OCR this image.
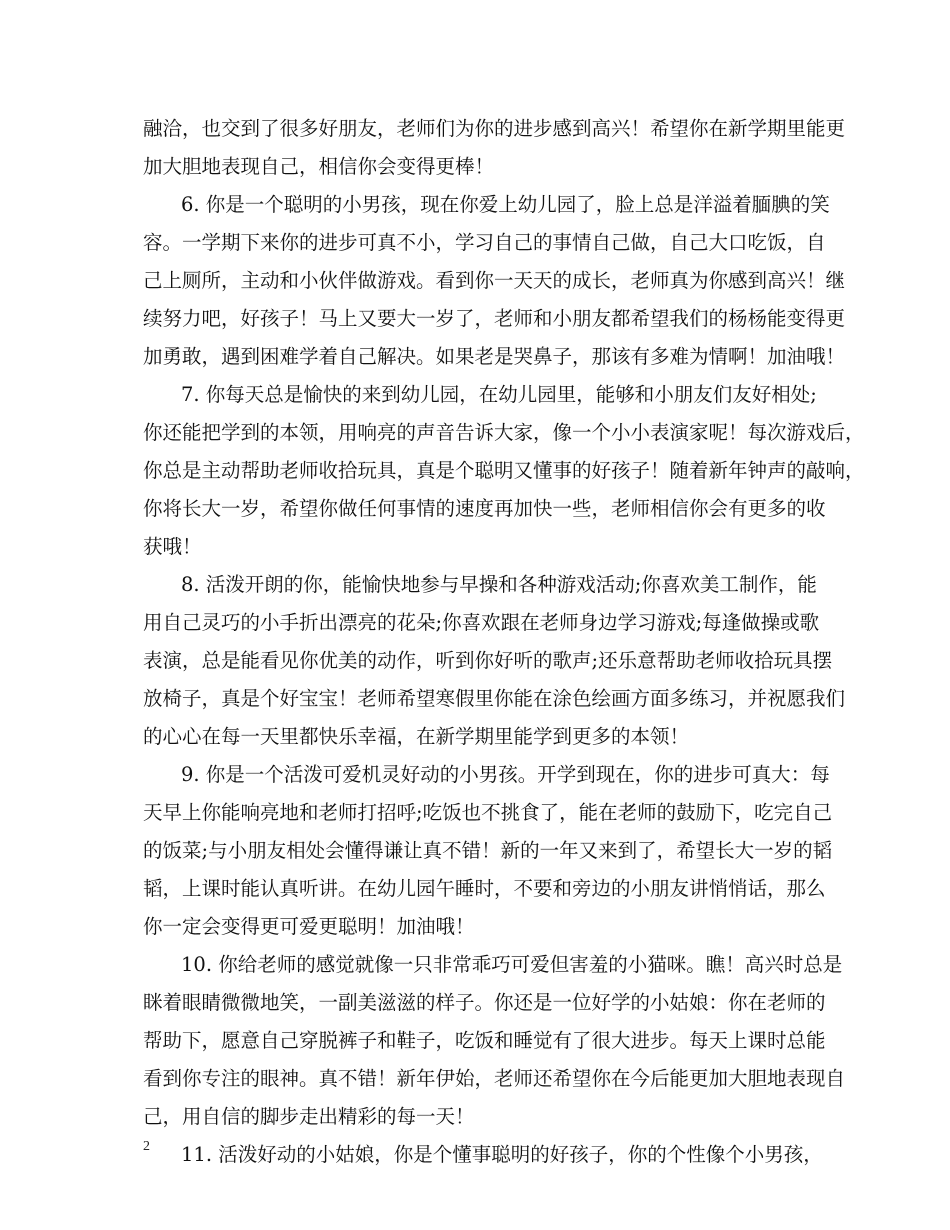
融洽，也交到了很多好朋友，老师们为你的进步感到高兴！希望你在新学期里能更
加大胆地表现自己，相信你会变得更棒！
6. 你是一个聪明的小男孩，现在你爱上幼儿园了，脸上总是洋溢着腼腆的笑
容。一学期下来你的进步可真不小，学习自己的事情自己做，自己大口吃饭，自
己上厕所，主动和小伙伴做游戏。看到你一天天的成长，老师真为你感到高兴！继
续努力吧，好孩子！马上又要大一岁了，老师和小朋友都希望我们的杨杨能变得更
加勇敢，遇到困难学着自己解决。如果老是哭鼻子，那该有多难为情啊！加油哦！
7. 你每天总是愉快的来到幼儿园，在幼儿园里，能够和小朋友们友好相处;
你还能把学到的本领，用响亮的声音告诉大家，像一个小小表演家呢！每次游戏后，
你总是主动帮助老师收拾玩具，真是个聪明又懂事的好孩子！随着新年钟声的敲响，
你将长大一岁，希望你做任何事情的速度再加快一些，老师相信你会有更多的收
获哦！
8. 活泼开朗的你，能愉快地参与早操和各种游戏活动;你喜欢美工制作，能
用自己灵巧的小手折出漂亮的花朵;你喜欢跟在老师身边学习游戏;每逢做操或歌
表演，总是能看见你优美的动作，听到你好听的歌声;还乐意帮助老师收拾玩具摆
放椅子，真是个好宝宝！老师希望寒假里你能在涂色绘画方面多练习，并祝愿我们
的心心在每一天里都快乐幸福，在新学期里能学到更多的本领！
9. 你是一个活泼可爱机灵好动的小男孩。开学到现在，你的进步可真大：每
天早上你能响亮地和老师打招呼;吃饭也不挑食了，能在老师的鼓励下，吃完自己
的饭菜;与小朋友相处会懂得谦让真不错！新的一年又来到了，希望长大一岁的韬
韬，上课时能认真听讲。在幼儿园午睡时，不要和旁边的小朋友讲悄悄话，那么
你一定会变得更可爱更聪明！加油哦！
10. 你给老师的感觉就像一只非常乖巧可爱但害羞的小猫咪。瞧！高兴时总是
眯着眼睛微微地笑，一副美滋滋的样子。你还是一位好学的小姑娘：你在老师的
帮助下，愿意自己穿脱裤子和鞋子，吃饭和睡觉有了很大进步。每天上课时总能
看到你专注的眼神。真不错！新年伊始，老师还希望你在今后能更加大胆地表现自
己，用自信的脚步走出精彩的每一天！
11. 活泼好动的小姑娘，你是个懂事聪明的好孩子，你的个性像个小男孩，
2
